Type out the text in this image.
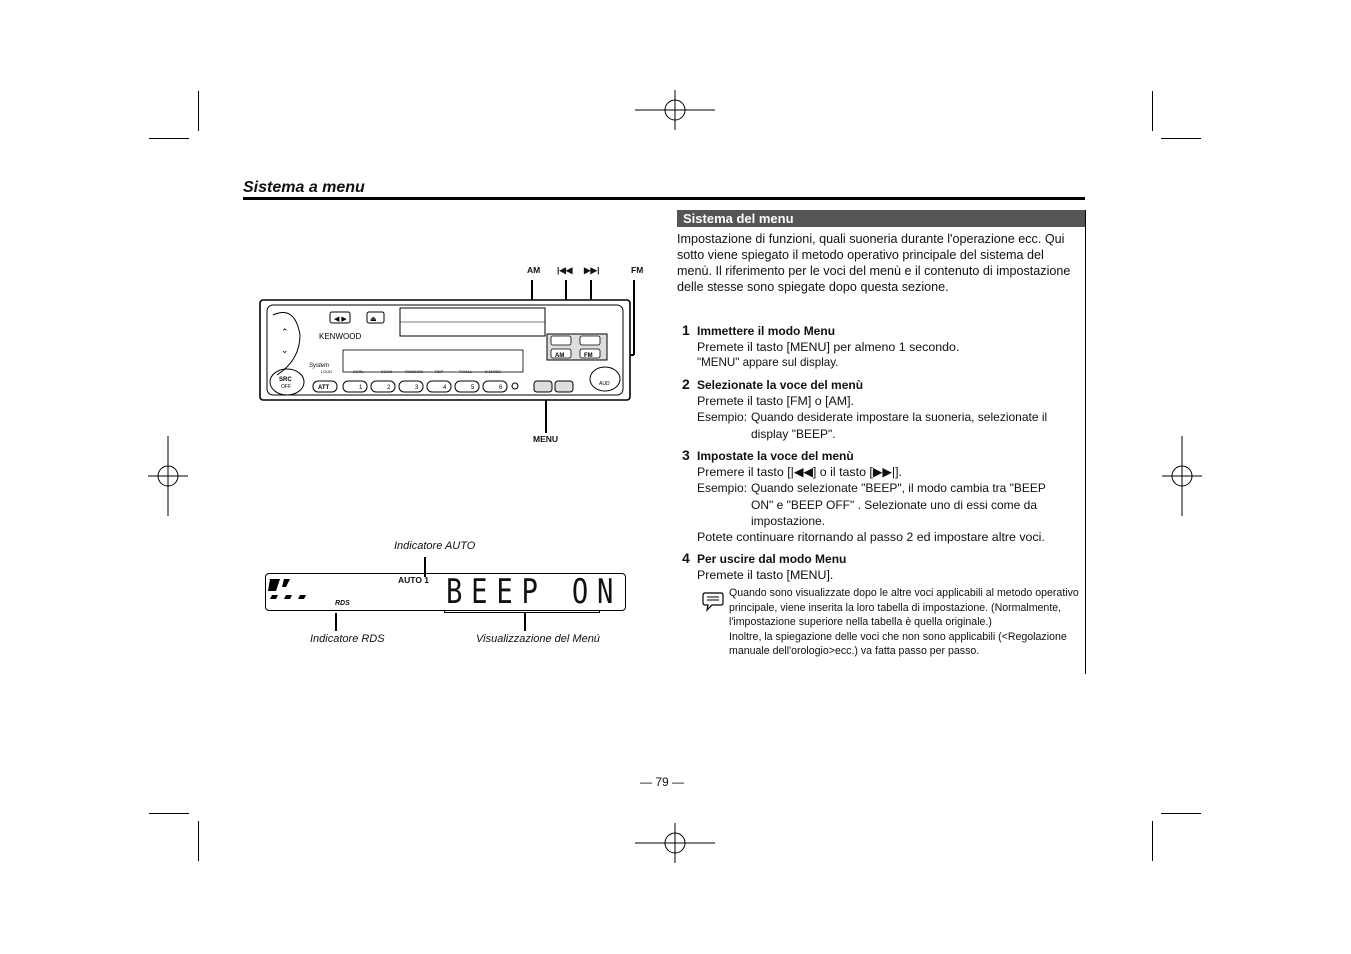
Sistema a menu
Sistema del menu
Impostazione di funzioni, quali suoneria durante l'operazione ecc. Qui sotto viene spiegato il metodo operativo principale del sistema del menù. Il riferimento per le voci del menù e il contenuto di impostazione delle stesse sono spiegate dopo questa sezione.
1 Immettere il modo Menu
Premete il tasto [MENU] per almeno 1 secondo.
"MENU" appare sul display.
2 Selezionate la voce del menù
Premete il tasto [FM] o [AM].
Esempio: Quando desiderate impostare la suoneria, selezionate il display "BEEP".
3 Impostate la voce del menù
Premere il tasto [|◀◀] o il tasto [▶▶|].
Esempio: Quando selezionate "BEEP", il modo cambia tra "BEEP ON" e "BEEP OFF" . Selezionate uno di essi come da impostazione.
Potete continuare ritornando al passo 2 ed impostare altre voci.
4 Per uscire dal modo Menu
Premete il tasto [MENU].
Quando sono visualizzate dopo le altre voci applicabili al metodo operativo principale, viene inserita la loro tabella di impostazione. (Normalmente, l'impostazione superiore nella tabella è quella originale.)
Inoltre, la spiegazione delle voci che non sono applicabili (<Regolazione manuale dell'orologio>ecc.) va fatta passo per passo.
— 79 —
AM |◀◀ ▶▶|	FM
MENU
⌃
⌄
◀ ▶	⏏
AM	FM
KENWOOD
System
SRC
OFF	AUD
LOUD	SCRL	SCAN	RANDOM	REP	T.CALL	D.MODE
ATT	1	2	3	4	5	6
Indicatore AUTO
AUTO 1
RDS	BEEP ON
Indicatore RDS	Visualizzazione del Menú
